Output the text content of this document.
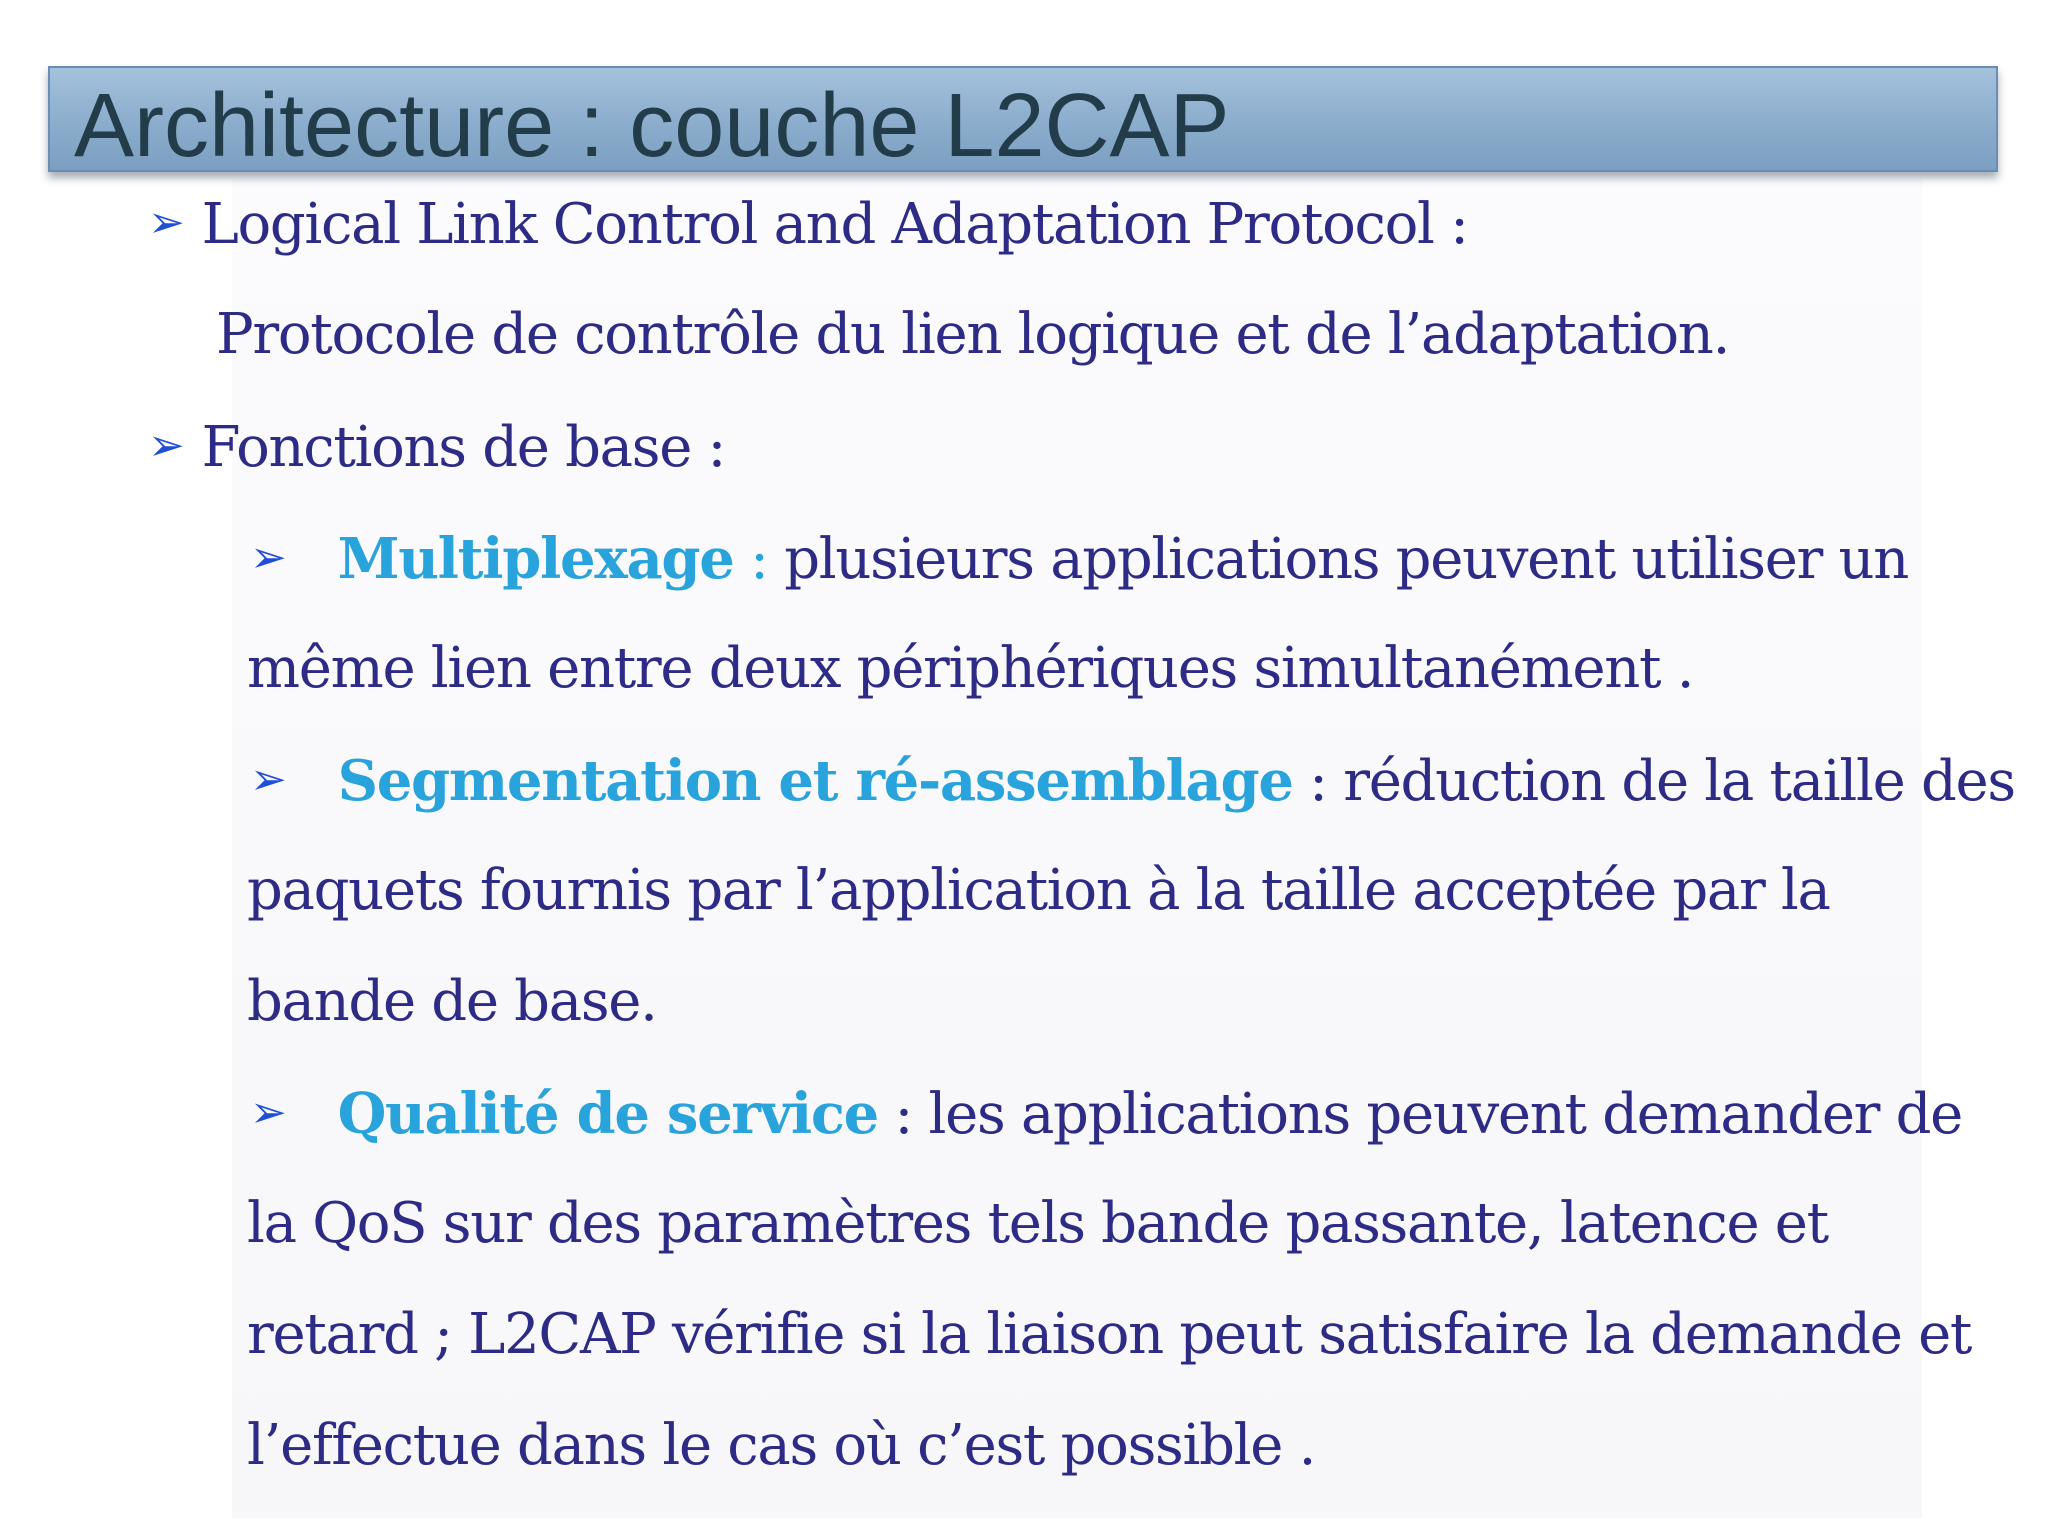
Architecture : couche L2CAP
➢ Logical Link Control and Adaptation Protocol :
Protocole de contrôle du lien logique et de l’adaptation.
➢ Fonctions de base :
➢ Multiplexage : plusieurs applications peuvent utiliser un
même lien entre deux périphériques simultanément .
➢ Segmentation et ré-assemblage : réduction de la taille des
paquets fournis par l’application à la taille acceptée par la
bande de base.
➢ Qualité de service : les applications peuvent demander de
la QoS sur des paramètres tels bande passante, latence et
retard ; L2CAP vérifie si la liaison peut satisfaire la demande et
l’effectue dans le cas où c’est possible .
